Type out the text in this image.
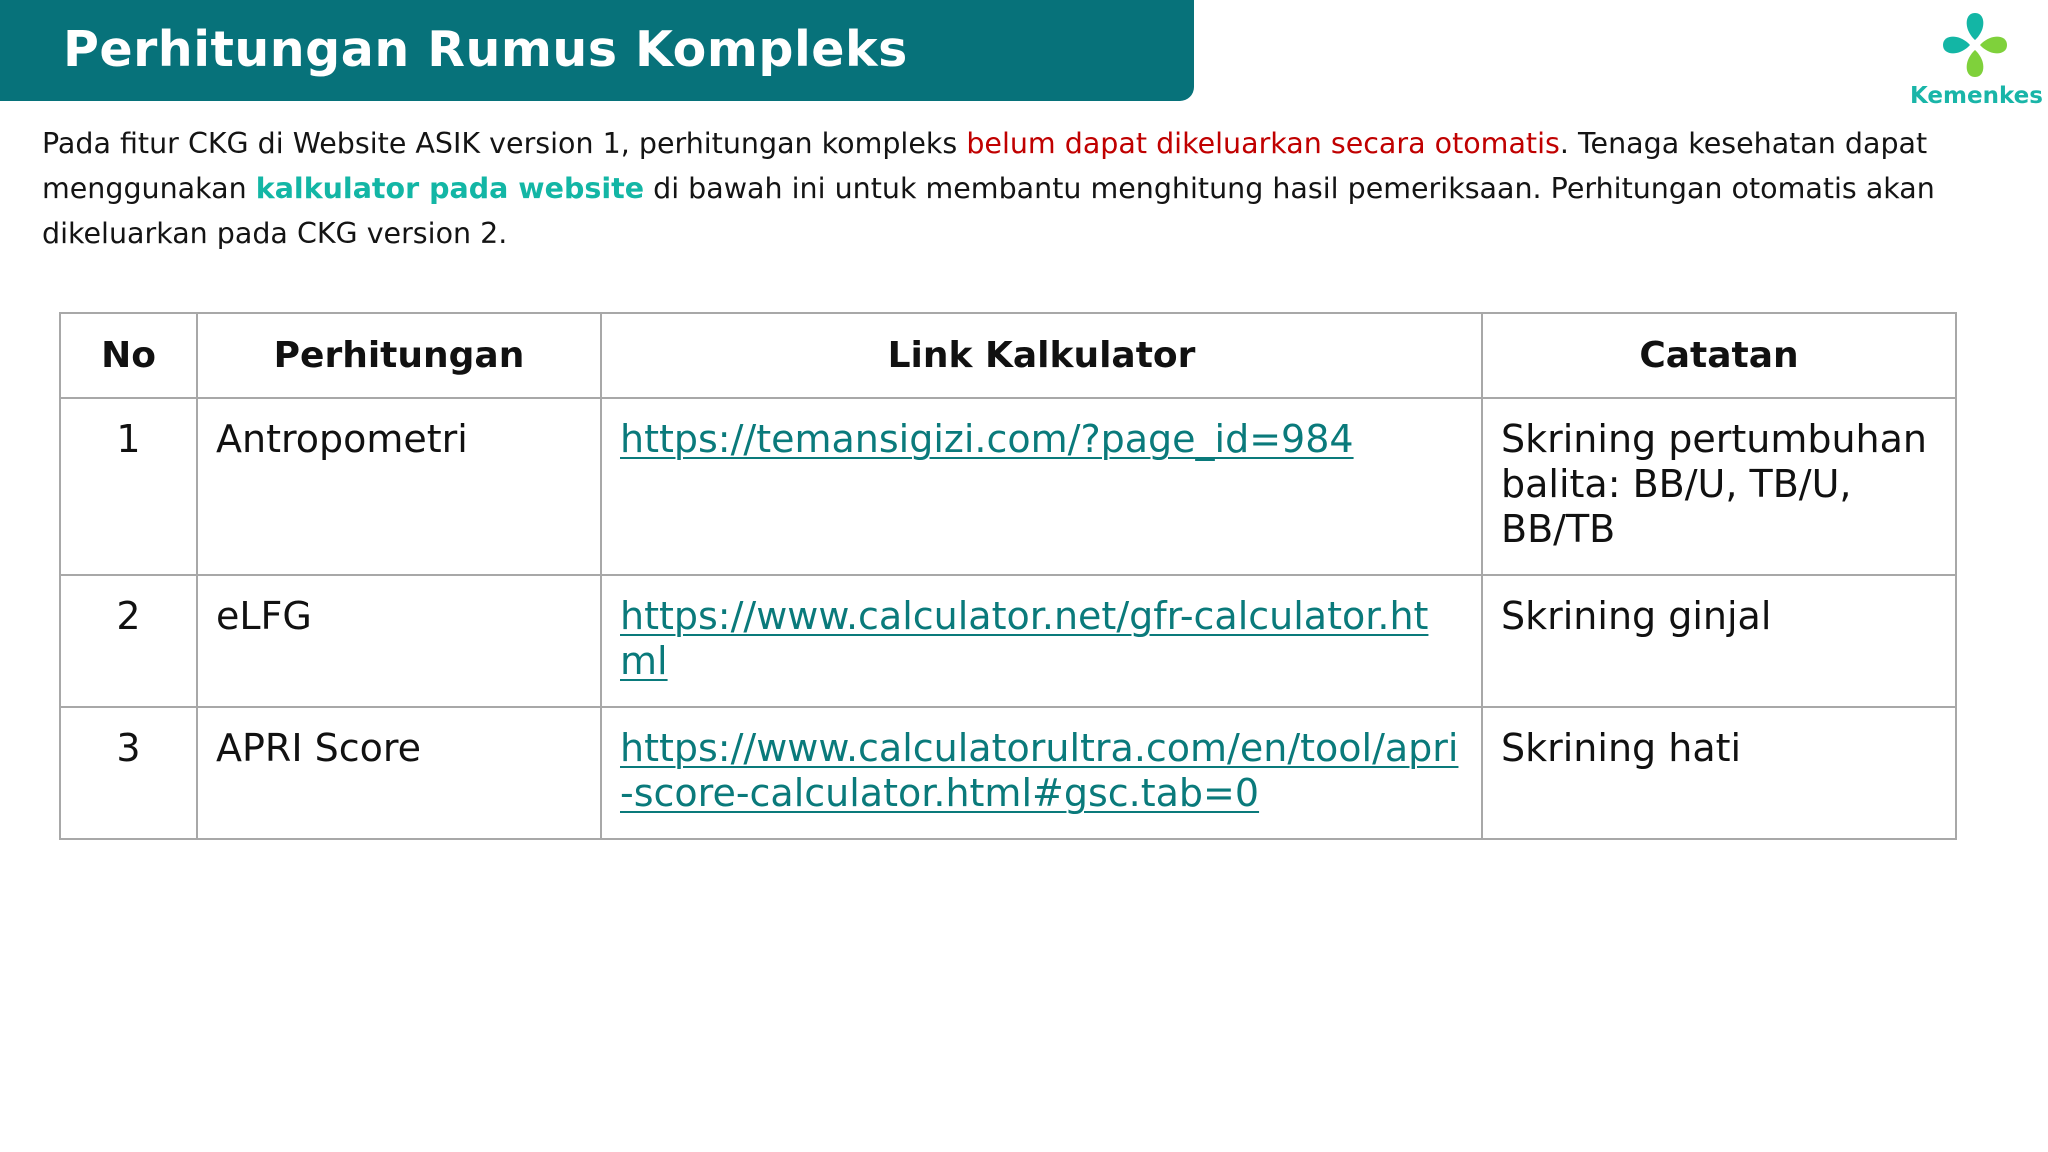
Perhitungan Rumus Kompleks
Kemenkes
Pada fitur CKG di Website ASIK version 1, perhitungan kompleks belum dapat dikeluarkan secara otomatis. Tenaga kesehatan dapat menggunakan kalkulator pada website di bawah ini untuk membantu menghitung hasil pemeriksaan. Perhitungan otomatis akan dikeluarkan pada CKG version 2.
No	Perhitungan	Link Kalkulator	Catatan
1	Antropometri	https://temansigizi.com/?page_id=984	Skrining pertumbuhan balita: BB/U, TB/U, BB/TB
2	eLFG	https://www.calculator.net/gfr-calculator.html	Skrining ginjal
3	APRI Score	https://www.calculatorultra.com/en/tool/apri-score-calculator.html#gsc.tab=0	Skrining hati
